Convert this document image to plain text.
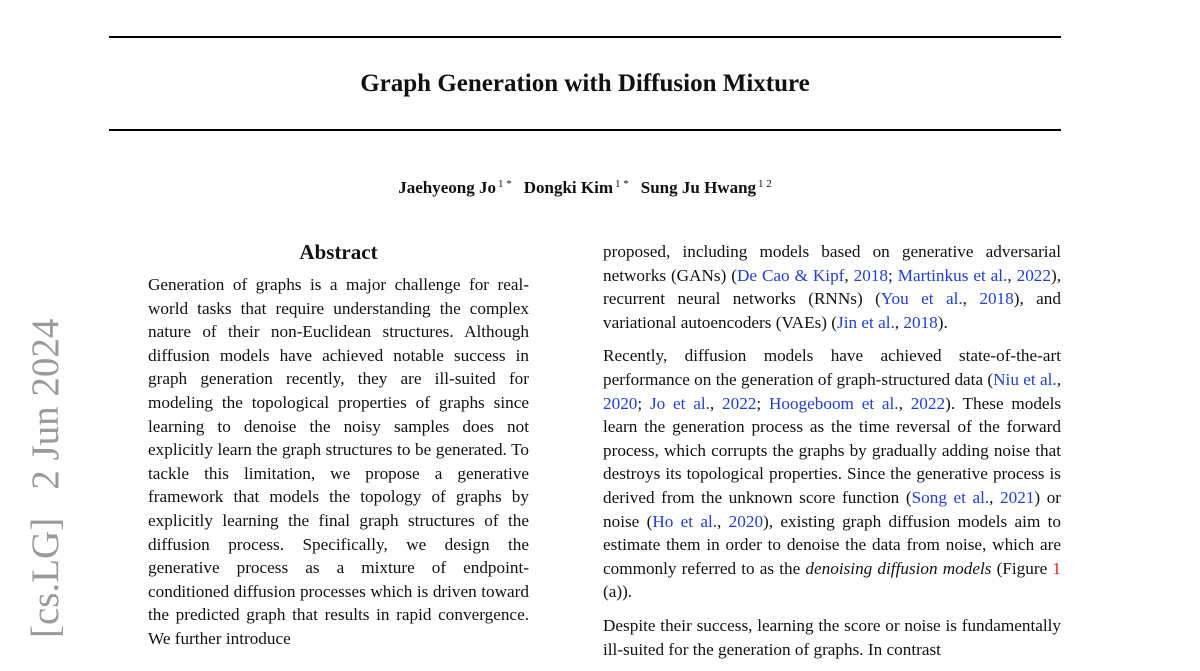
Graph Generation with Diffusion Mixture
Jaehyeong Jo $^{1 *}$ Dongki Kim $^{1 *}$ Sung Ju Hwang $^{1 2}$
[cs.LG]2 Jun 2024
Abstract

Generation of graphs is a major challenge for real-world tasks that require understanding the complex nature of their non-Euclidean structures. Although diffusion models have achieved notable success in graph generation recently, they are ill-suited for modeling the topological properties of graphs since learning to denoise the noisy samples does not explicitly learn the graph structures to be generated. To tackle this limitation, we propose a generative framework that models the topology of graphs by explicitly learning the final graph structures of the diffusion process. Specifically, we design the generative process as a mixture of endpoint-conditioned diffusion processes which is driven toward the predicted graph that results in rapid convergence. We further introduce

proposed, including models based on generative adversarial networks (GANs) (De Cao & Kipf, 2018; Martinkus et al., 2022), recurrent neural networks (RNNs) (You et al., 2018), and variational autoencoders (VAEs) (Jin et al., 2018).

Recently, diffusion models have achieved state-of-the-art performance on the generation of graph-structured data (Niu et al., 2020; Jo et al., 2022; Hoogeboom et al., 2022). These models learn the generation process as the time reversal of the forward process, which corrupts the graphs by gradually adding noise that destroys its topological properties. Since the generative process is derived from the unknown score function (Song et al., 2021) or noise (Ho et al., 2020), existing graph diffusion models aim to estimate them in order to denoise the data from noise, which are commonly referred to as the denoising diffusion models (Figure 1 (a)).

Despite their success, learning the score or noise is fundamentally ill-suited for the generation of graphs. In contrast
